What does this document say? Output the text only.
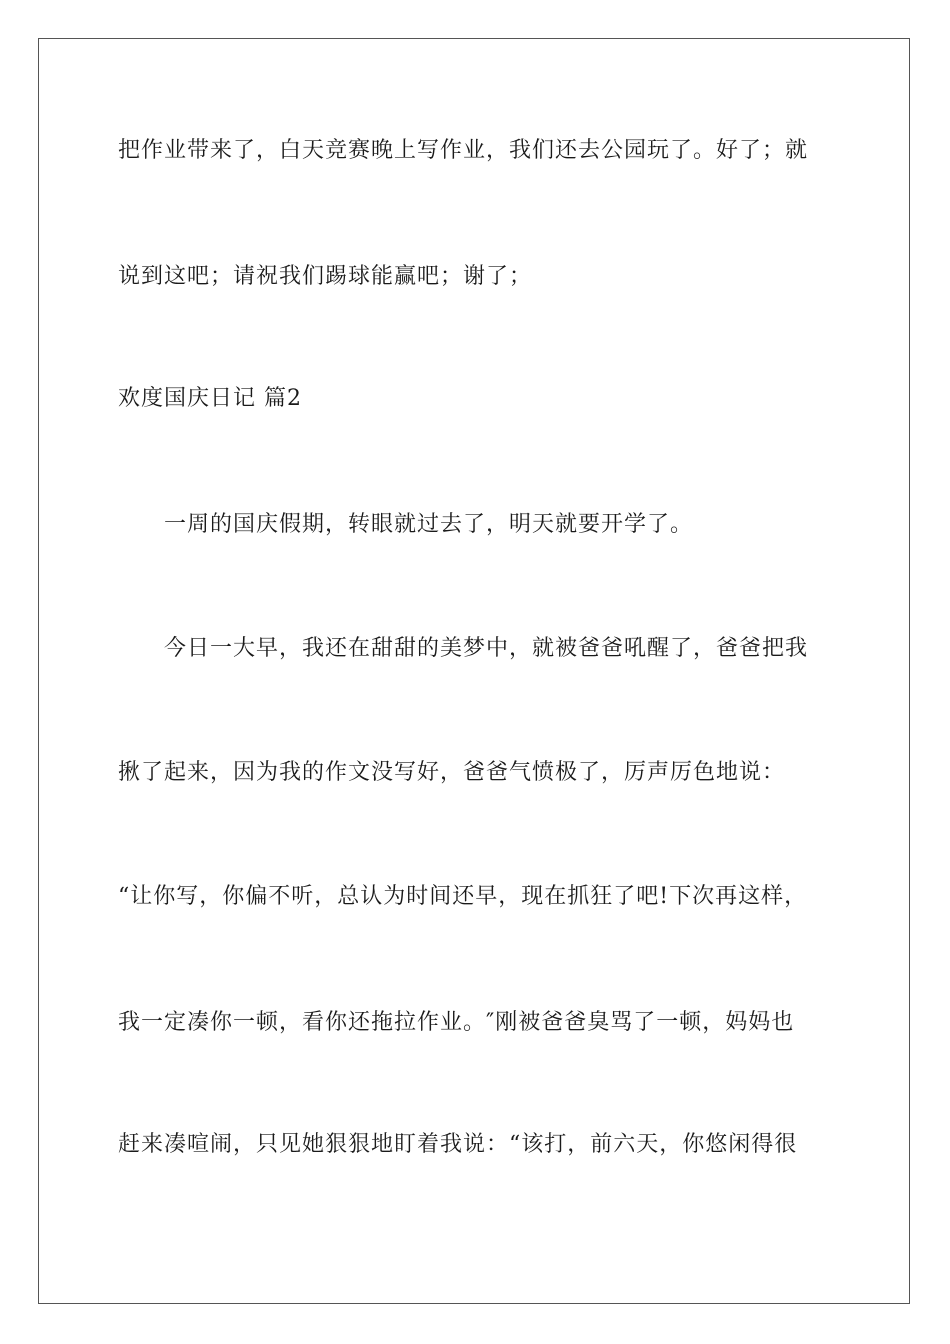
把作业带来了，白天竞赛晚上写作业，我们还去公园玩了。好了；就
说到这吧；请祝我们踢球能赢吧；谢了；
欢度国庆日记 篇2
一周的国庆假期，转眼就过去了，明天就要开学了。
今日一大早，我还在甜甜的美梦中，就被爸爸吼醒了，爸爸把我
揪了起来，因为我的作文没写好，爸爸气愤极了，厉声厉色地说：
“让你写，你偏不听，总认为时间还早，现在抓狂了吧!下次再这样，
我一定凑你一顿，看你还拖拉作业。″刚被爸爸臭骂了一顿，妈妈也
赶来凑喧闹，只见她狠狠地盯着我说：“该打，前六天，你悠闲得很
